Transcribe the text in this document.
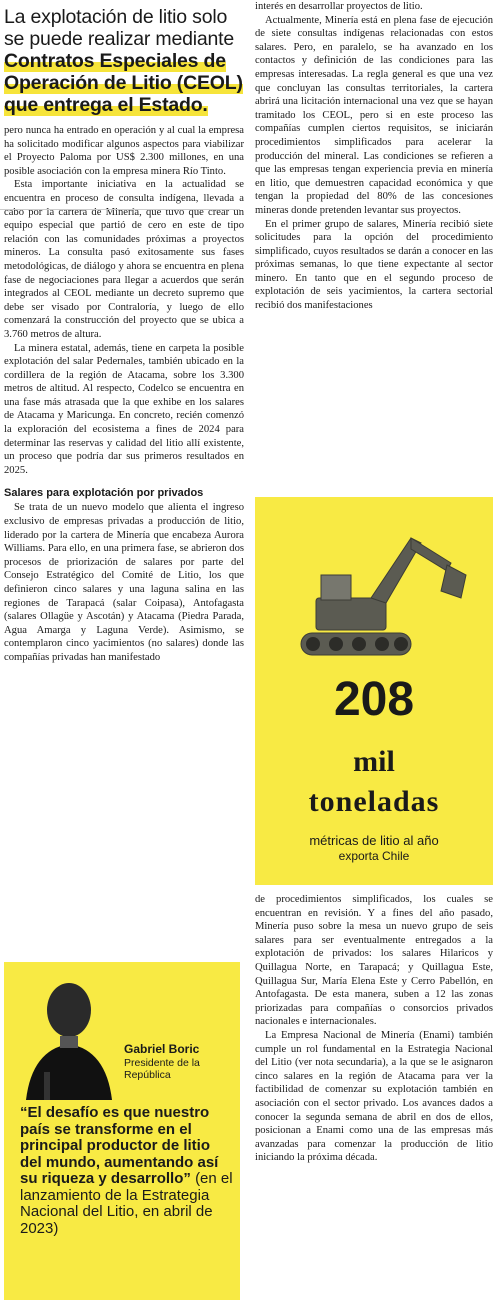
La explotación de litio solo se puede realizar mediante Contratos Especiales de Operación de Litio (CEOL) que entrega el Estado.

pero nunca ha entrado en operación y al cual la empresa ha solicitado modificar algunos aspectos para viabilizar el Proyecto Paloma por US$ 2.300 millones, en una posible asociación con la empresa minera Río Tinto.

Esta importante iniciativa en la actualidad se encuentra en proceso de consulta indígena, llevada a cabo por la cartera de Minería, que tuvo que crear un equipo especial que partió de cero en este de tipo relación con las comunidades próximas a proyectos mineros. La consulta pasó exitosamente sus fases metodológicas, de diálogo y ahora se encuentra en plena fase de negociaciones para llegar a acuerdos que serán integrados al CEOL mediante un decreto supremo que debe ser visado por Contraloría, y luego de ello comenzará la construcción del proyecto que se ubica a 3.760 metros de altura.

La minera estatal, además, tiene en carpeta la posible explotación del salar Pedernales, también ubicado en la cordillera de la región de Atacama, sobre los 3.300 metros de altitud. Al respecto, Codelco se encuentra en una fase más atrasada que la que exhibe en los salares de Atacama y Maricunga. En concreto, recién comenzó la exploración del ecosistema a fines de 2024 para determinar las reservas y calidad del litio allí existente, un proceso que podría dar sus primeros resultados en 2025.

Salares para explotación por privados

Se trata de un nuevo modelo que alienta el ingreso exclusivo de empresas privadas a producción de litio, liderado por la cartera de Minería que encabeza Aurora Williams. Para ello, en una primera fase, se abrieron dos procesos de priorización de salares por parte del Consejo Estratégico del Comité de Litio, los que definieron cinco salares y una laguna salina en las regiones de Tarapacá (salar Coipasa), Antofagasta (salares Ollagüe y Ascotán) y Atacama (Piedra Parada, Agua Amarga y Laguna Verde). Asimismo, se contemplaron cinco yacimientos (no salares) donde las compañías privadas han manifestado

interés en desarrollar proyectos de litio.

Actualmente, Minería está en plena fase de ejecución de siete consultas indígenas relacionadas con estos salares. Pero, en paralelo, se ha avanzado en los contactos y definición de las condiciones para las empresas interesadas. La regla general es que una vez que concluyan las consultas territoriales, la cartera abrirá una licitación internacional una vez que se hayan tramitado los CEOL, pero si en este proceso las compañías cumplen ciertos requisitos, se iniciarán procedimientos simplificados para acelerar la producción del mineral. Las condiciones se refieren a que las empresas tengan experiencia previa en minería en litio, que demuestren capacidad económica y que tengan la propiedad del 80% de las concesiones mineras donde pretenden levantar sus proyectos.

En el primer grupo de salares, Minería recibió siete solicitudes para la opción del procedimiento simplificado, cuyos resultados se darán a conocer en las próximas semanas, lo que tiene expectante al sector minero. En tanto que en el segundo proceso de explotación de seis yacimientos, la cartera sectorial recibió dos manifestaciones

208
mil
toneladas
métricas de litio al año
exporta Chile

de procedimientos simplificados, los cuales se encuentran en revisión. Y a fines del año pasado, Minería puso sobre la mesa un nuevo grupo de seis salares para ser eventualmente entregados a la explotación de privados: los salares Hilaricos y Quillagua Norte, en Tarapacá; y Quillagua Este, Quillagua Sur, María Elena Este y Cerro Pabellón, en Antofagasta. De esta manera, suben a 12 las zonas priorizadas para compañías o consorcios privados nacionales e internacionales.

La Empresa Nacional de Minería (Enami) también cumple un rol fundamental en la Estrategia Nacional del Litio (ver nota secundaria), a la que se le asignaron cinco salares en la región de Atacama para ver la factibilidad de comenzar su explotación también en asociación con el sector privado. Los avances dados a conocer la segunda semana de abril en dos de ellos, posicionan a Enami como una de las empresas más avanzadas para comenzar la producción de litio iniciando la próxima década.

Gabriel Boric
Presidente de la República
“El desafío es que nuestro país se transforme en el principal productor de litio del mundo, aumentando así su riqueza y desarrollo” (en el lanzamiento de la Estrategia Nacional del Litio, en abril de 2023)
